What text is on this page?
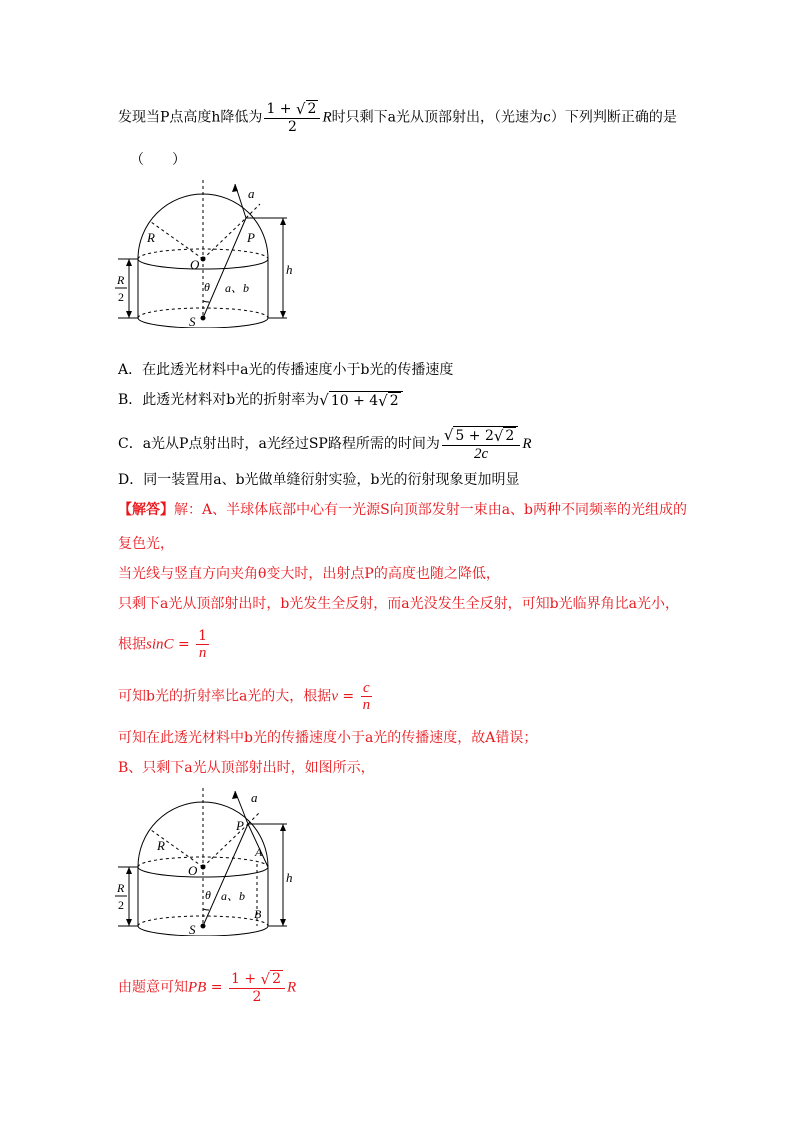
发现当P点高度h降低为 $\frac{1 + √ 2}{2}$ R时只剩下a光从顶部射出，（光速为c）下列判断正确的是
（　　）
a
R	P
O	h
R
2
θ a、b
S
A．在此透光材料中a光的传播速度小于b光的传播速度
B．此透光材料对b光的折射率为 √ 10 + 4 √ 2
C．a光从P点射出时，a光经过SP路程所需的时间为 $\frac{√ 5 + 2 √ 2}{2c}$ R
D．同一装置用a、b光做单缝衍射实验，b光的衍射现象更加明显
【解答】解：A、半球体底部中心有一光源S向顶部发射一束由a、b两种不同频率的光组成的
复色光，
当光线与竖直方向夹角θ变大时，出射点P的高度也随之降低，
只剩下a光从顶部射出时，b光发生全反射，而a光没发生全反射，可知b光临界角比a光小，
根据$\sin C = \frac{1}{n}$
可知b光的折射率比a光的大，根据$v = \frac{c}{n}$
可知在此透光材料中b光的传播速度小于a光的传播速度，故A错误；
B、只剩下a光从顶部射出时，如图所示，
a
P
R	A
O	h
R
2
θ a、b
B
S
由题意可知PB = $\frac{1 + √ 2}{2}$ R
